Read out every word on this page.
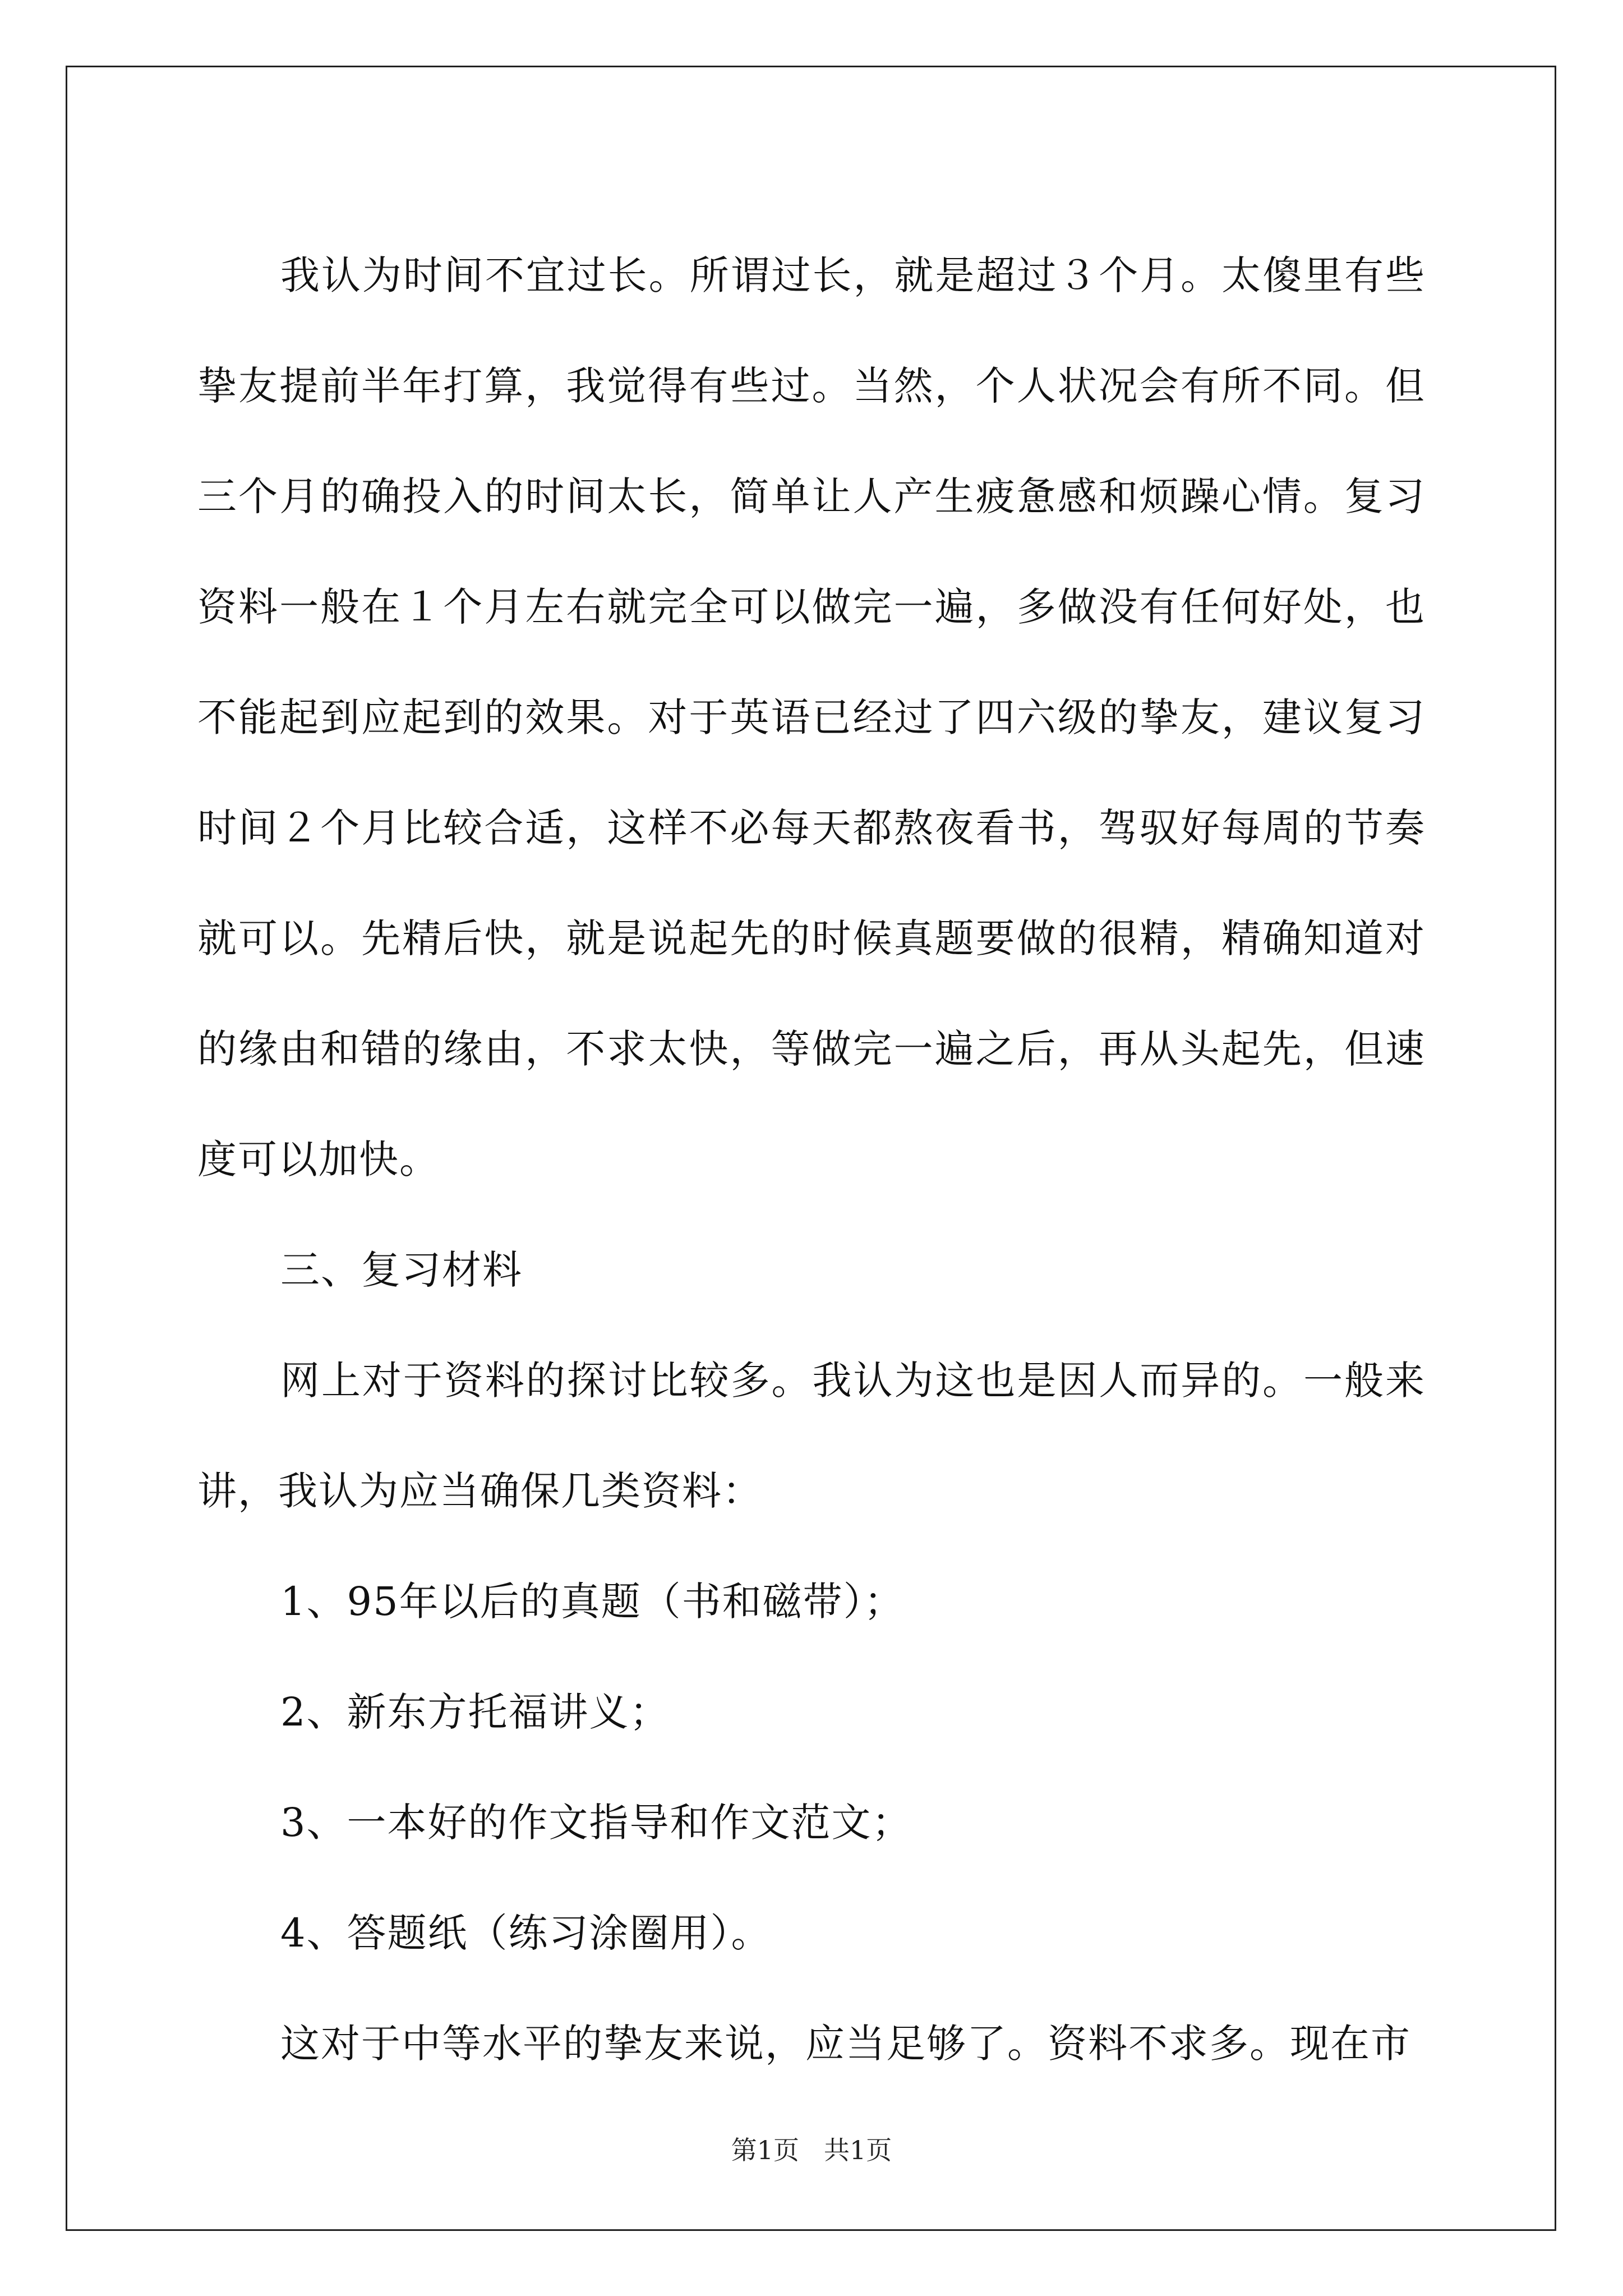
我认为时间不宜过长。所谓过长，就是超过３个月。太傻里有些挚友提前半年打算，我觉得有些过。当然，个人状况会有所不同。但三个月的确投入的时间太长，简单让人产生疲惫感和烦躁心情。复习资料一般在１个月左右就完全可以做完一遍，多做没有任何好处，也不能起到应起到的效果。对于英语已经过了四六级的挚友，建议复习时间２个月比较合适，这样不必每天都熬夜看书，驾驭好每周的节奏就可以。先精后快，就是说起先的时候真题要做的很精，精确知道对的缘由和错的缘由，不求太快，等做完一遍之后，再从头起先，但速度可以加快。

三、复习材料

网上对于资料的探讨比较多。我认为这也是因人而异的。一般来讲，我认为应当确保几类资料：

1、95年以后的真题（书和磁带）；

2、新东方托福讲义；

3、一本好的作文指导和作文范文；

4、答题纸（练习涂圈用）。

这对于中等水平的挚友来说，应当足够了。资料不求多。现在市

第1页 共1页
